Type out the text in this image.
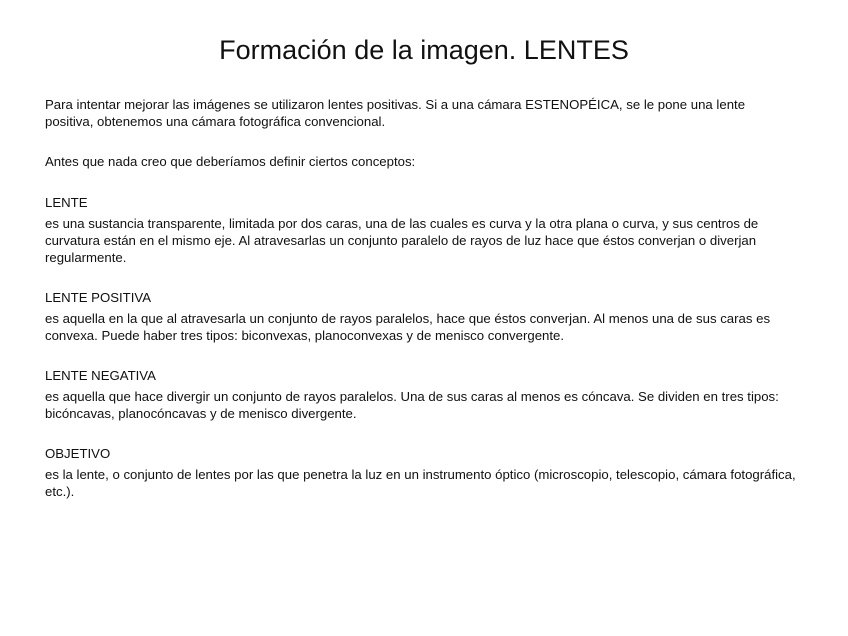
Formación de la imagen. LENTES

Para intentar mejorar las imágenes se utilizaron lentes positivas. Si a una cámara ESTENOPÉICA, se le pone una lente positiva, obtenemos una cámara fotográfica convencional.

Antes que nada creo que deberíamos definir ciertos conceptos:

LENTE

es una sustancia transparente, limitada por dos caras, una de las cuales es curva y la otra plana o curva, y sus centros de curvatura están en el mismo eje. Al atravesarlas un conjunto paralelo de rayos de luz hace que éstos converjan o diverjan regularmente.

LENTE POSITIVA

es aquella en la que al atravesarla un conjunto de rayos paralelos, hace que éstos converjan. Al menos una de sus caras es convexa. Puede haber tres tipos: biconvexas, planoconvexas y de menisco convergente.

LENTE NEGATIVA

es aquella que hace divergir un conjunto de rayos paralelos. Una de sus caras al menos es cóncava. Se dividen en tres tipos: bicóncavas, planocóncavas y de menisco divergente.

OBJETIVO

es la lente, o conjunto de lentes por las que penetra la luz en un instrumento óptico (microscopio, telescopio, cámara fotográfica, etc.).
